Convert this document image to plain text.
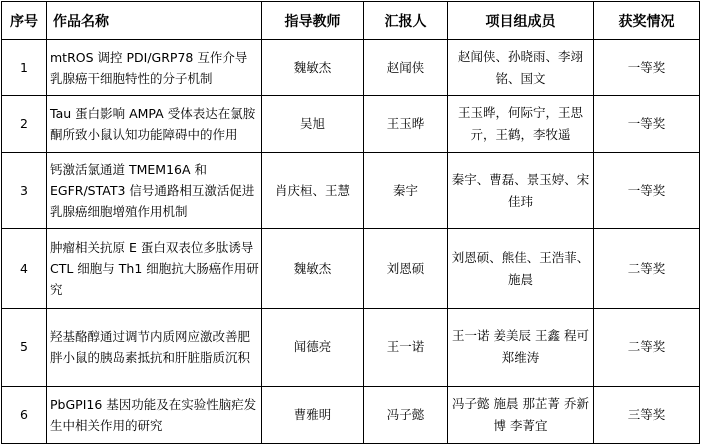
序号	作品名称	指导教师	汇报人	项目组成员	获奖情况
1	mtROS 调控 PDI/GRP78 互作介导乳腺癌干细胞特性的分子机制	魏敏杰	赵闻侠	赵闻侠、孙晓雨、李翊铭、国文	一等奖
2	Tau 蛋白影响 AMPA 受体表达在氯胺酮所致小鼠认知功能障碍中的作用	吴旭	王玉晔	王玉晔，何际宁，王思亓，王鹤，李牧遥	一等奖
3	钙激活氯通道 TMEM16A 和 EGFR/STAT3 信号通路相互激活促进乳腺癌细胞增殖作用机制	肖庆桓、王慧	秦宇	秦宇、曹磊、景玉婷、宋佳玮	一等奖
4	肿瘤相关抗原 E 蛋白双表位多肽诱导 CTL 细胞与 Th1 细胞抗大肠癌作用研究	魏敏杰	刘恩硕	刘恩硕、熊佳、王浩菲、施晨	二等奖
5	羟基酪醇通过调节内质网应激改善肥胖小鼠的胰岛素抵抗和肝脏脂质沉积	闻德亮	王一诺	王一诺 姜美辰 王鑫 程可 郑维涛	二等奖
6	PbGPI16 基因功能及在实验性脑疟发生中相关作用的研究	曹雅明	冯子懿	冯子懿 施晨 那芷菁 乔新博 李菁宜	三等奖
